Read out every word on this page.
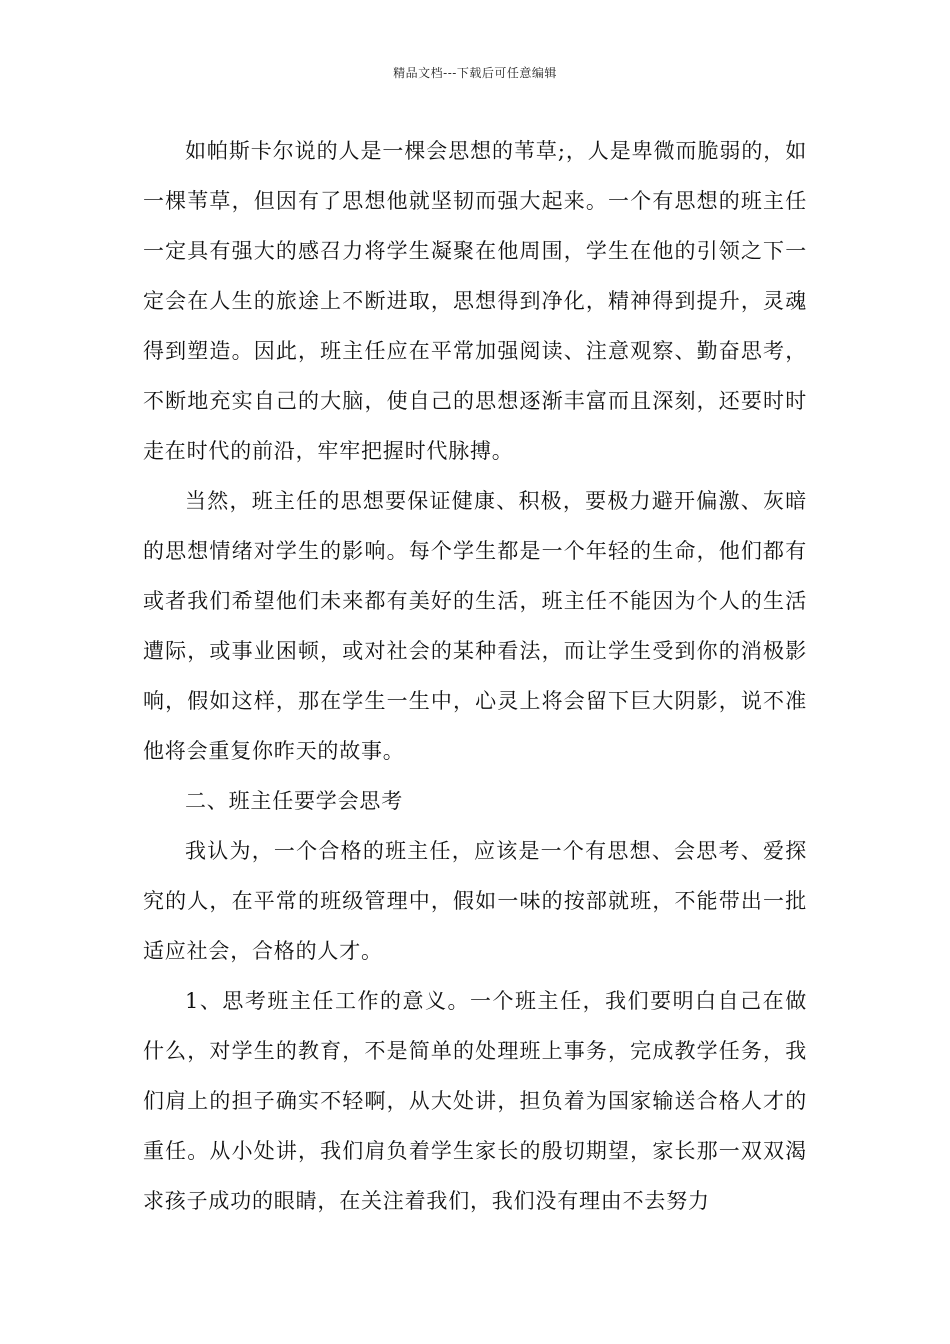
精品文档---下载后可任意编辑

如帕斯卡尔说的人是一棵会思想的苇草;，人是卑微而脆弱的，如一棵苇草，但因有了思想他就坚韧而强大起来。一个有思想的班主任一定具有强大的感召力将学生凝聚在他周围，学生在他的引领之下一定会在人生的旅途上不断进取，思想得到净化，精神得到提升，灵魂得到塑造。因此，班主任应在平常加强阅读、注意观察、勤奋思考，不断地充实自己的大脑，使自己的思想逐渐丰富而且深刻，还要时时走在时代的前沿，牢牢把握时代脉搏。

当然，班主任的思想要保证健康、积极，要极力避开偏激、灰暗的思想情绪对学生的影响。每个学生都是一个年轻的生命，他们都有或者我们希望他们未来都有美好的生活，班主任不能因为个人的生活遭际，或事业困顿，或对社会的某种看法，而让学生受到你的消极影响，假如这样，那在学生一生中，心灵上将会留下巨大阴影，说不准他将会重复你昨天的故事。

二、班主任要学会思考

我认为，一个合格的班主任，应该是一个有思想、会思考、爱探究的人，在平常的班级管理中，假如一味的按部就班，不能带出一批适应社会，合格的人才。

1、思考班主任工作的意义。一个班主任，我们要明白自己在做什么，对学生的教育，不是简单的处理班上事务，完成教学任务，我们肩上的担子确实不轻啊，从大处讲，担负着为国家输送合格人才的重任。从小处讲，我们肩负着学生家长的殷切期望，家长那一双双渴求孩子成功的眼睛，在关注着我们，我们没有理由不去努力
